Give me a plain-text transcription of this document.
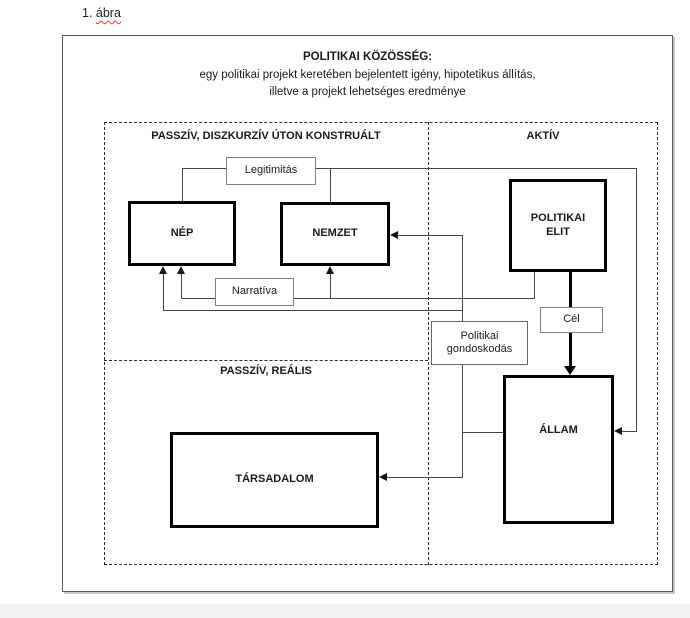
1. ábra
POLITIKAI KÖZÖSSÉG:
egy politikai projekt keretében bejelentett igény, hipotetikus állítás,
illetve a projekt lehetséges eredménye
PASSZÍV, DISZKURZÍV ÚTON KONSTRUÁLT	AKTÍV
PASSZÍV, REÁLIS
NÉP	NEMZET
POLITIKAI ELIT
ÁLLAM
TÁRSADALOM
Legitimitás
Narratíva
Politikai gondoskodás
Cél
